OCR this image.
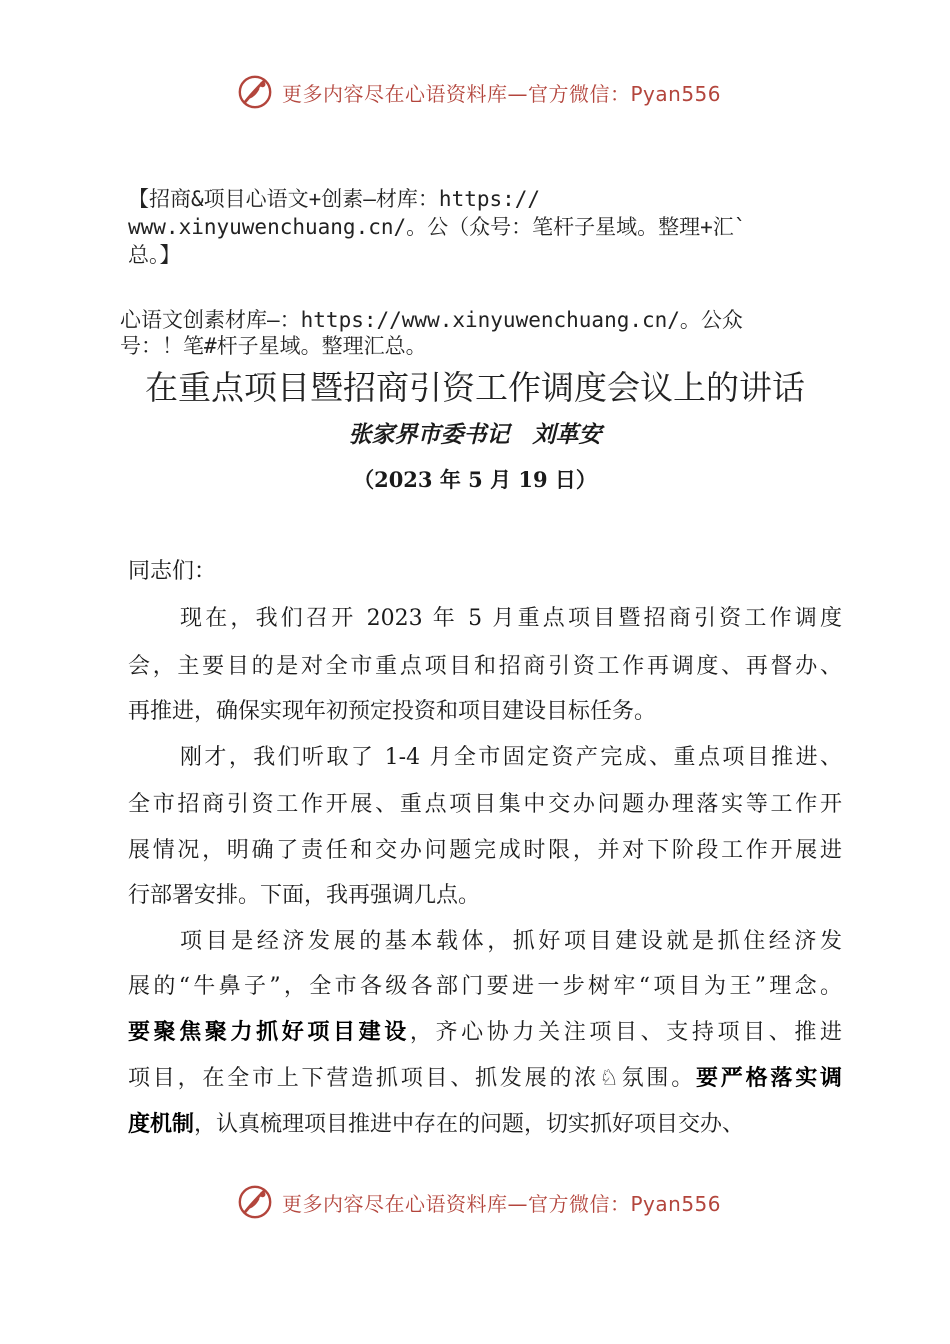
更多内容尽在心语资料库—官方微信：Pyan556
【招商&项目心语文+创素—材库：https://
www.xinyuwenchuang.cn/。公（众号：笔杆子星域。整理+汇`
总。】
心语文创素材库—：https://www.xinyuwenchuang.cn/。公众
号：！笔#杆子星域。整理汇总。
在重点项目暨招商引资工作调度会议上的讲话
张家界市委书记　刘革安
（2023 年 5 月 19 日）
同志们：
现在，我们召开 2023 年 5 月重点项目暨招商引资工作调度
会，主要目的是对全市重点项目和招商引资工作再调度、再督办、
再推进，确保实现年初预定投资和项目建设目标任务。
刚才，我们听取了 1-4 月全市固定资产完成、重点项目推进、
全市招商引资工作开展、重点项目集中交办问题办理落实等工作开
展情况，明确了责任和交办问题完成时限，并对下阶段工作开展进
行部署安排。下面，我再强调几点。
项目是经济发展的基本载体，抓好项目建设就是抓住经济发
展的“牛鼻子”，全市各级各部门要进一步树牢“项目为王”理念。
要聚焦聚力抓好项目建设，齐心协力关注项目、支持项目、推进
项目，在全市上下营造抓项目、抓发展的浓♘氛围。要严格落实调
度机制，认真梳理项目推进中存在的问题，切实抓好项目交办、
更多内容尽在心语资料库—官方微信：Pyan556
